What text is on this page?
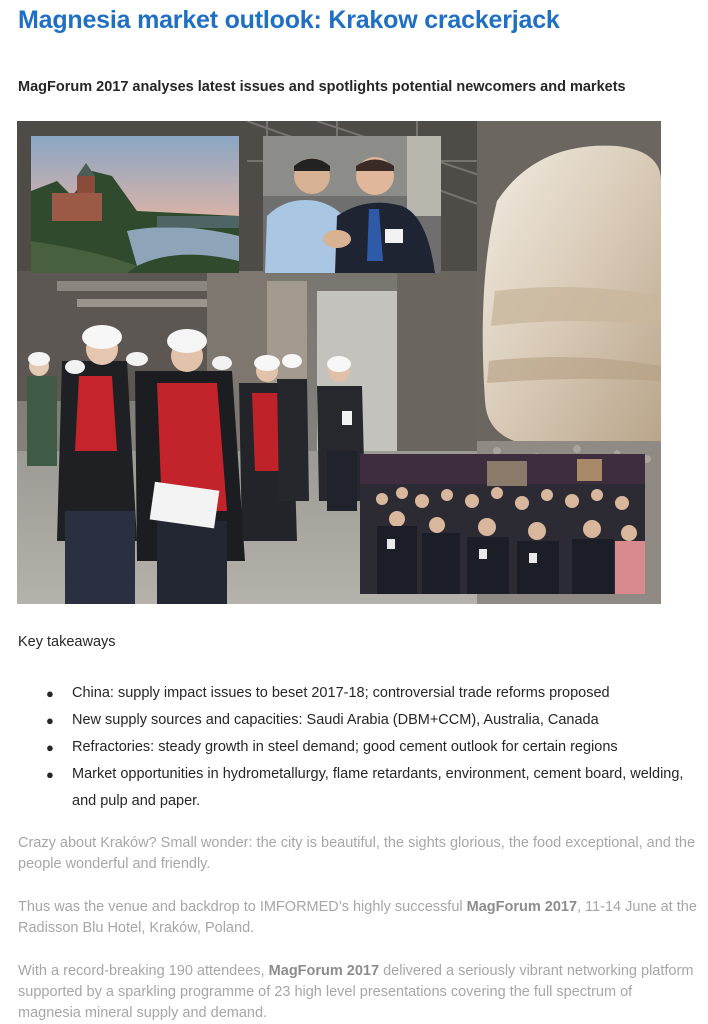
Magnesia market outlook: Krakow crackerjack
MagForum 2017 analyses latest issues and spotlights potential newcomers and markets
Key takeaways
● China: supply impact issues to beset 2017-18; controversial trade reforms proposed
● New supply sources and capacities: Saudi Arabia (DBM+CCM), Australia, Canada
● Refractories: steady growth in steel demand; good cement outlook for certain regions
● Market opportunities in hydrometallurgy, flame retardants, environment, cement board, welding, and pulp and paper.
Crazy about Kraków? Small wonder: the city is beautiful, the sights glorious, the food exceptional, and the people wonderful and friendly.
Thus was the venue and backdrop to IMFORMED’s highly successful MagForum 2017, 11-14 June at the Radisson Blu Hotel, Kraków, Poland.
With a record-breaking 190 attendees, MagForum 2017 delivered a seriously vibrant networking platform supported by a sparkling programme of 23 high level presentations covering the full spectrum of magnesia mineral supply and demand.
